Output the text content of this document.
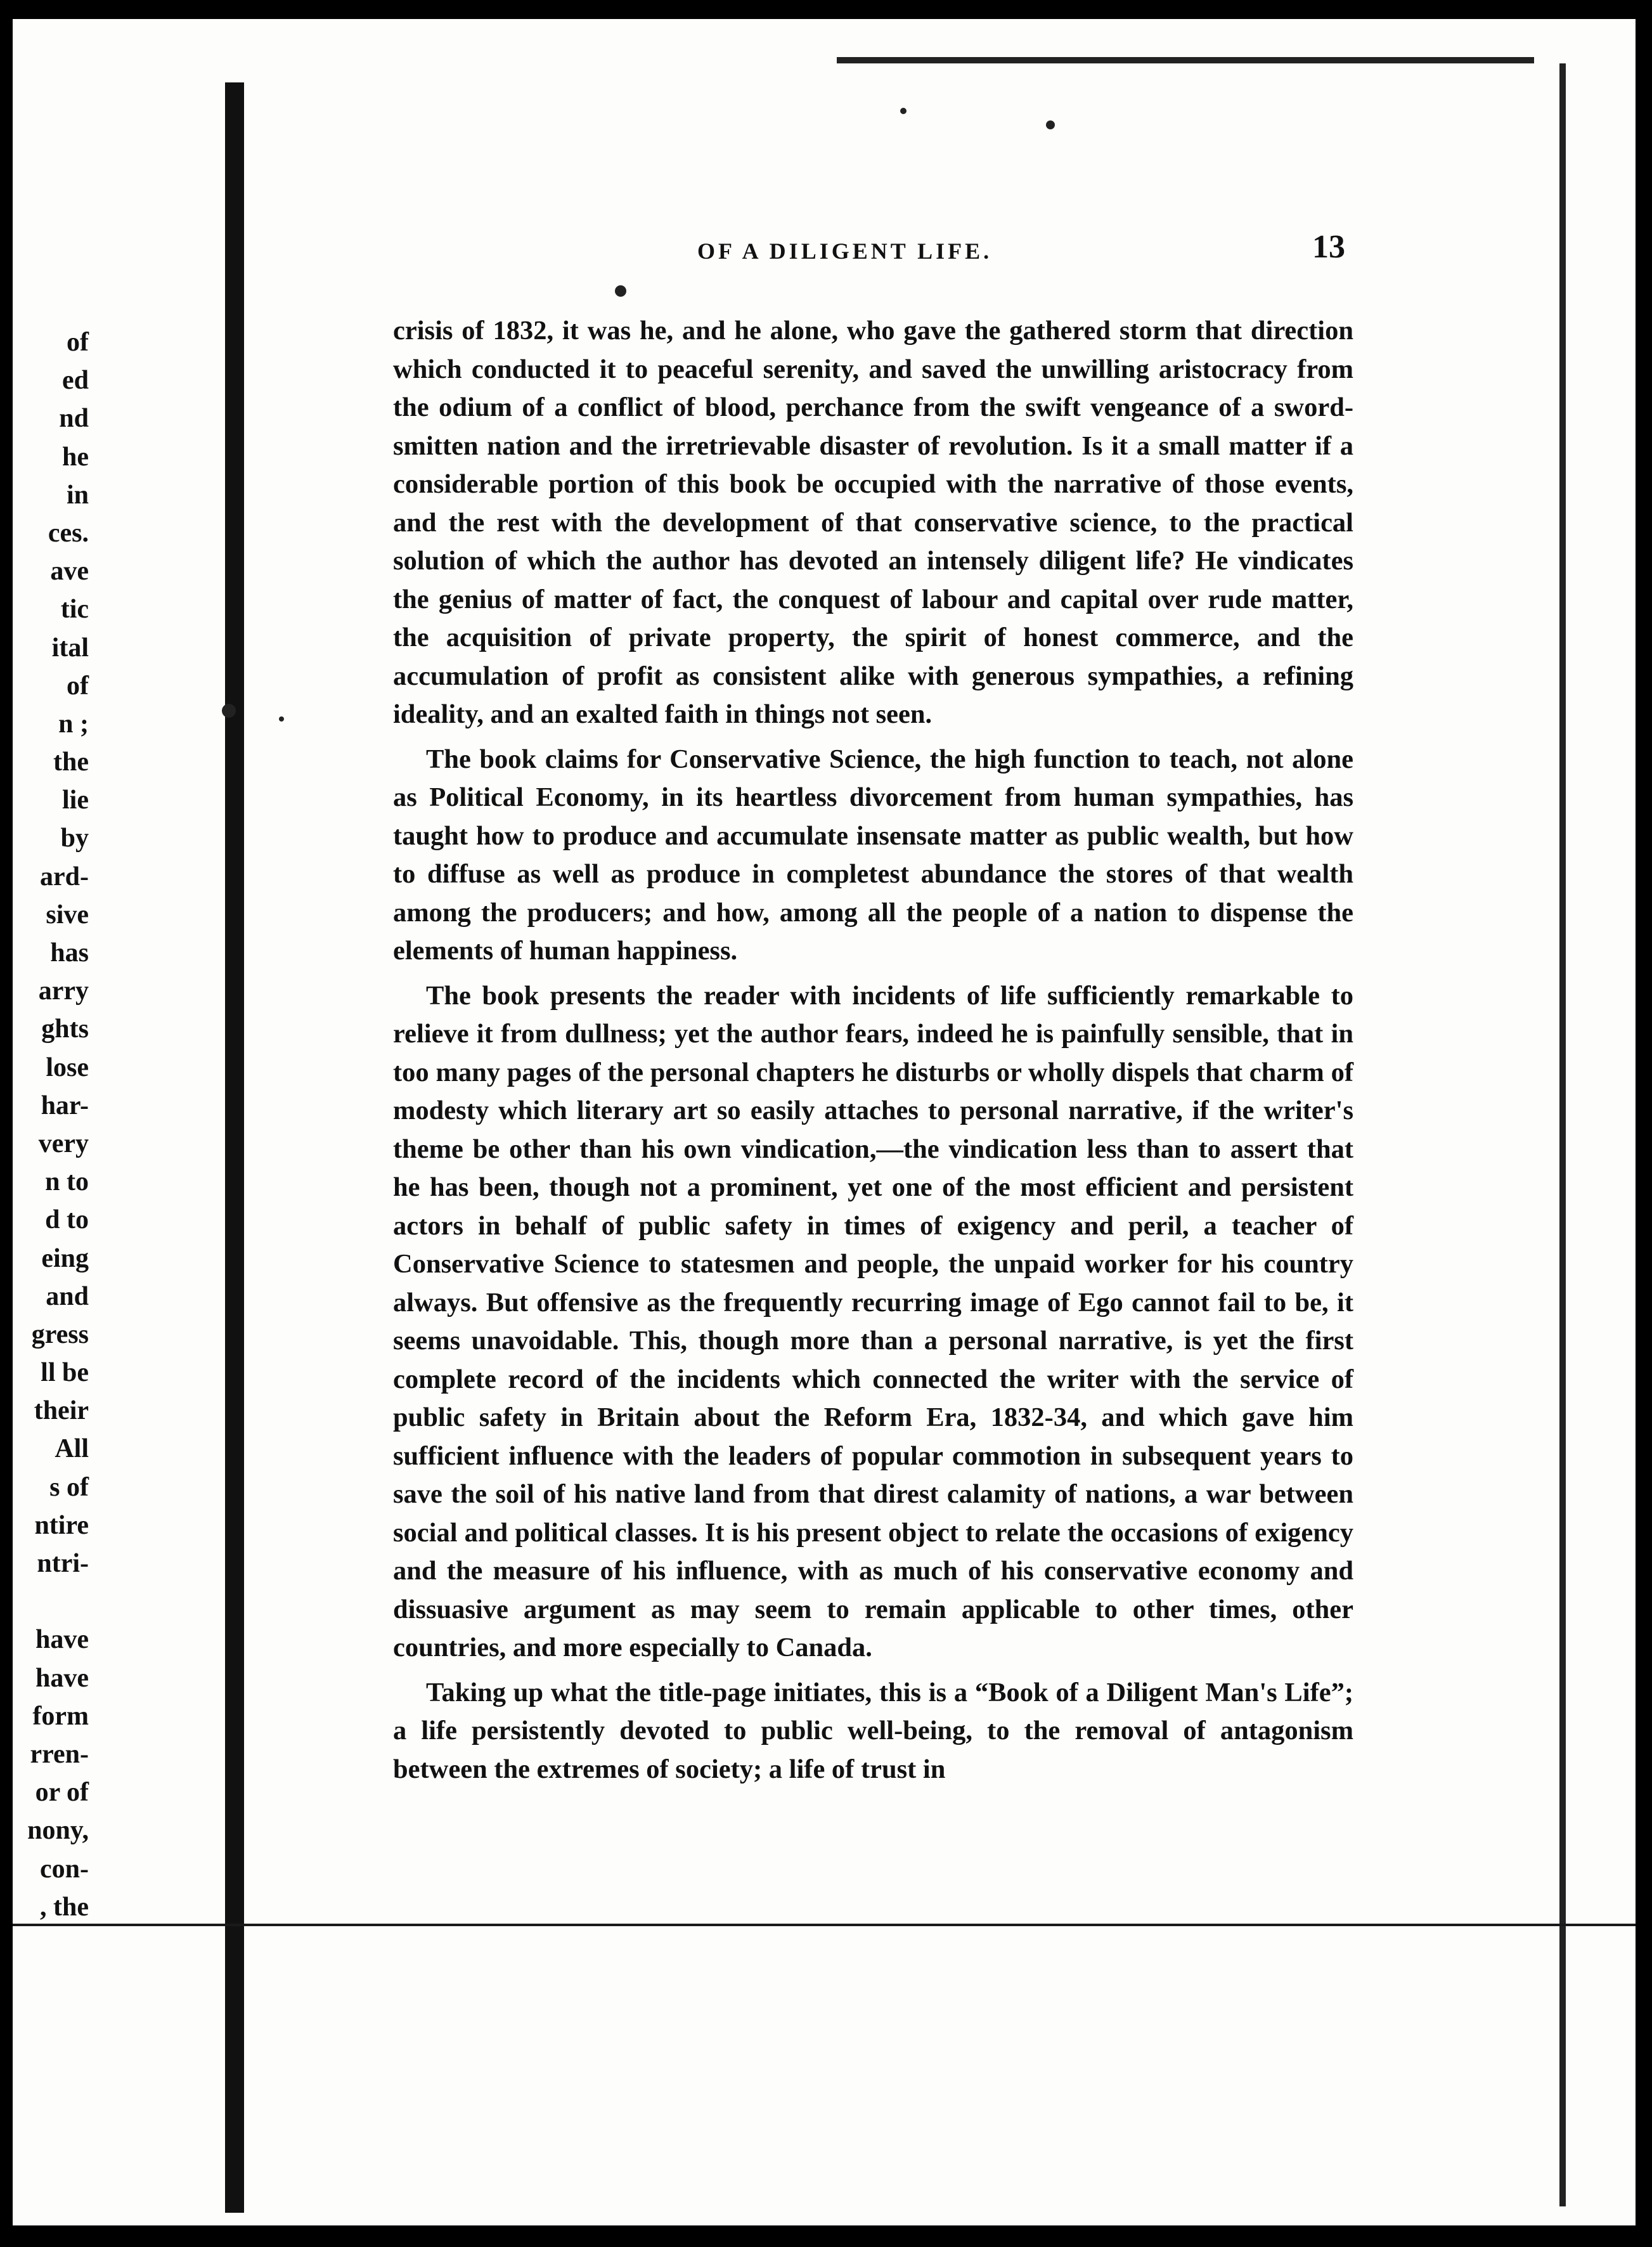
of
ed
nd
he
in
ces.
ave
tic
ital
of
n ;
the
lie
by
ard-
sive
has
arry
ghts
lose
har-
very
n to
d to
eing
and
gress
ll be
their
All
s of
ntire
ntri-
have
have
form
rren-
or of
nony,
con-
, the
OF A DILIGENT LIFE.	13

crisis of 1832, it was he, and he alone, who gave the gathered storm that direction which conducted it to peaceful serenity, and saved the unwilling aristocracy from the odium of a conflict of blood, perchance from the swift vengeance of a sword-smitten nation and the irretrievable disaster of revolution. Is it a small matter if a considerable portion of this book be occupied with the narrative of those events, and the rest with the development of that conservative science, to the practical solution of which the author has devoted an intensely diligent life? He vindicates the genius of matter of fact, the conquest of labour and capital over rude matter, the acquisition of private property, the spirit of honest commerce, and the accumulation of profit as consistent alike with generous sympathies, a refining ideality, and an exalted faith in things not seen.

The book claims for Conservative Science, the high function to teach, not alone as Political Economy, in its heartless divorcement from human sympathies, has taught how to produce and accumulate insensate matter as public wealth, but how to diffuse as well as produce in completest abundance the stores of that wealth among the producers; and how, among all the people of a nation to dispense the elements of human happiness.

The book presents the reader with incidents of life sufficiently remarkable to relieve it from dullness; yet the author fears, indeed he is painfully sensible, that in too many pages of the personal chapters he disturbs or wholly dispels that charm of modesty which literary art so easily attaches to personal narrative, if the writer's theme be other than his own vindication,—the vindication less than to assert that he has been, though not a prominent, yet one of the most efficient and persistent actors in behalf of public safety in times of exigency and peril, a teacher of Conservative Science to statesmen and people, the unpaid worker for his country always. But offensive as the frequently recurring image of Ego cannot fail to be, it seems unavoidable. This, though more than a personal narrative, is yet the first complete record of the incidents which connected the writer with the service of public safety in Britain about the Reform Era, 1832-34, and which gave him sufficient influence with the leaders of popular commotion in subsequent years to save the soil of his native land from that direst calamity of nations, a war between social and political classes. It is his present object to relate the occasions of exigency and the measure of his influence, with as much of his conservative economy and dissuasive argument as may seem to remain applicable to other times, other countries, and more especially to Canada.

Taking up what the title-page initiates, this is a “Book of a Diligent Man's Life”; a life persistently devoted to public well-being, to the removal of antagonism between the extremes of society; a life of trust in
